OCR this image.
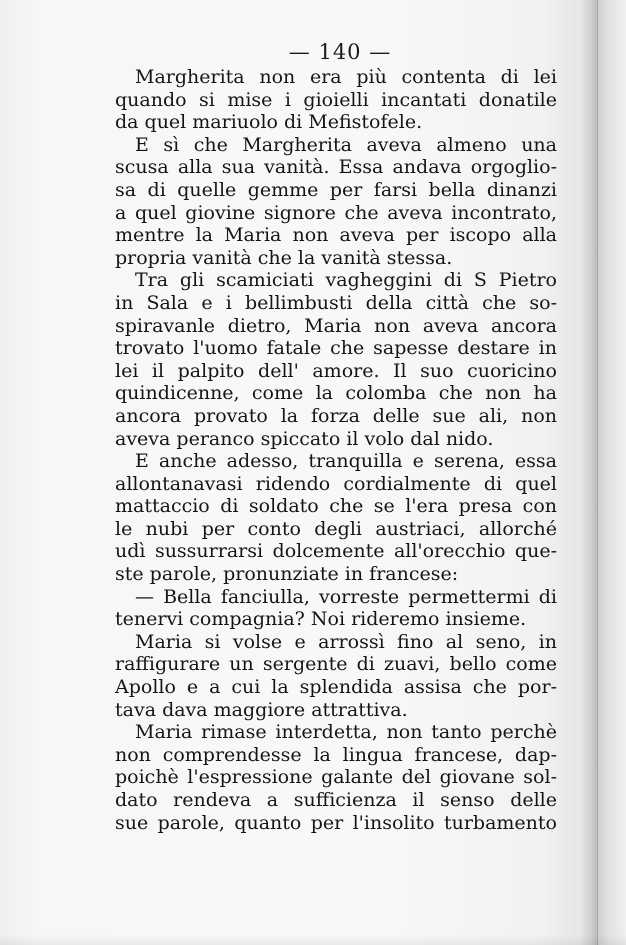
— 140 —
Margherita non era più contenta di lei
quando si mise i gioielli incantati donatile
da quel mariuolo di Mefistofele.
E sì che Margherita aveva almeno una
scusa alla sua vanità. Essa andava orgoglio-
sa di quelle gemme per farsi bella dinanzi
a quel giovine signore che aveva incontrato,
mentre la Maria non aveva per iscopo alla
propria vanità che la vanità stessa.
Tra gli scamiciati vagheggini di S Pietro
in Sala e i bellimbusti della città che so-
spiravanle dietro, Maria non aveva ancora
trovato l'uomo fatale che sapesse destare in
lei il palpito dell' amore. Il suo cuoricino
quindicenne, come la colomba che non ha
ancora provato la forza delle sue ali, non
aveva peranco spiccato il volo dal nido.
E anche adesso, tranquilla e serena, essa
allontanavasi ridendo cordialmente di quel
mattaccio di soldato che se l'era presa con
le nubi per conto degli austriaci, allorché
udì sussurrarsi dolcemente all'orecchio que-
ste parole, pronunziate in francese:
— Bella fanciulla, vorreste permettermi di
tenervi compagnia? Noi rideremo insieme.
Maria si volse e arrossì fino al seno, in
raffigurare un sergente di zuavi, bello come
Apollo e a cui la splendida assisa che por-
tava dava maggiore attrattiva.
Maria rimase interdetta, non tanto perchè
non comprendesse la lingua francese, dap-
poichè l'espressione galante del giovane sol-
dato rendeva a sufficienza il senso delle
sue parole, quanto per l'insolito turbamento
